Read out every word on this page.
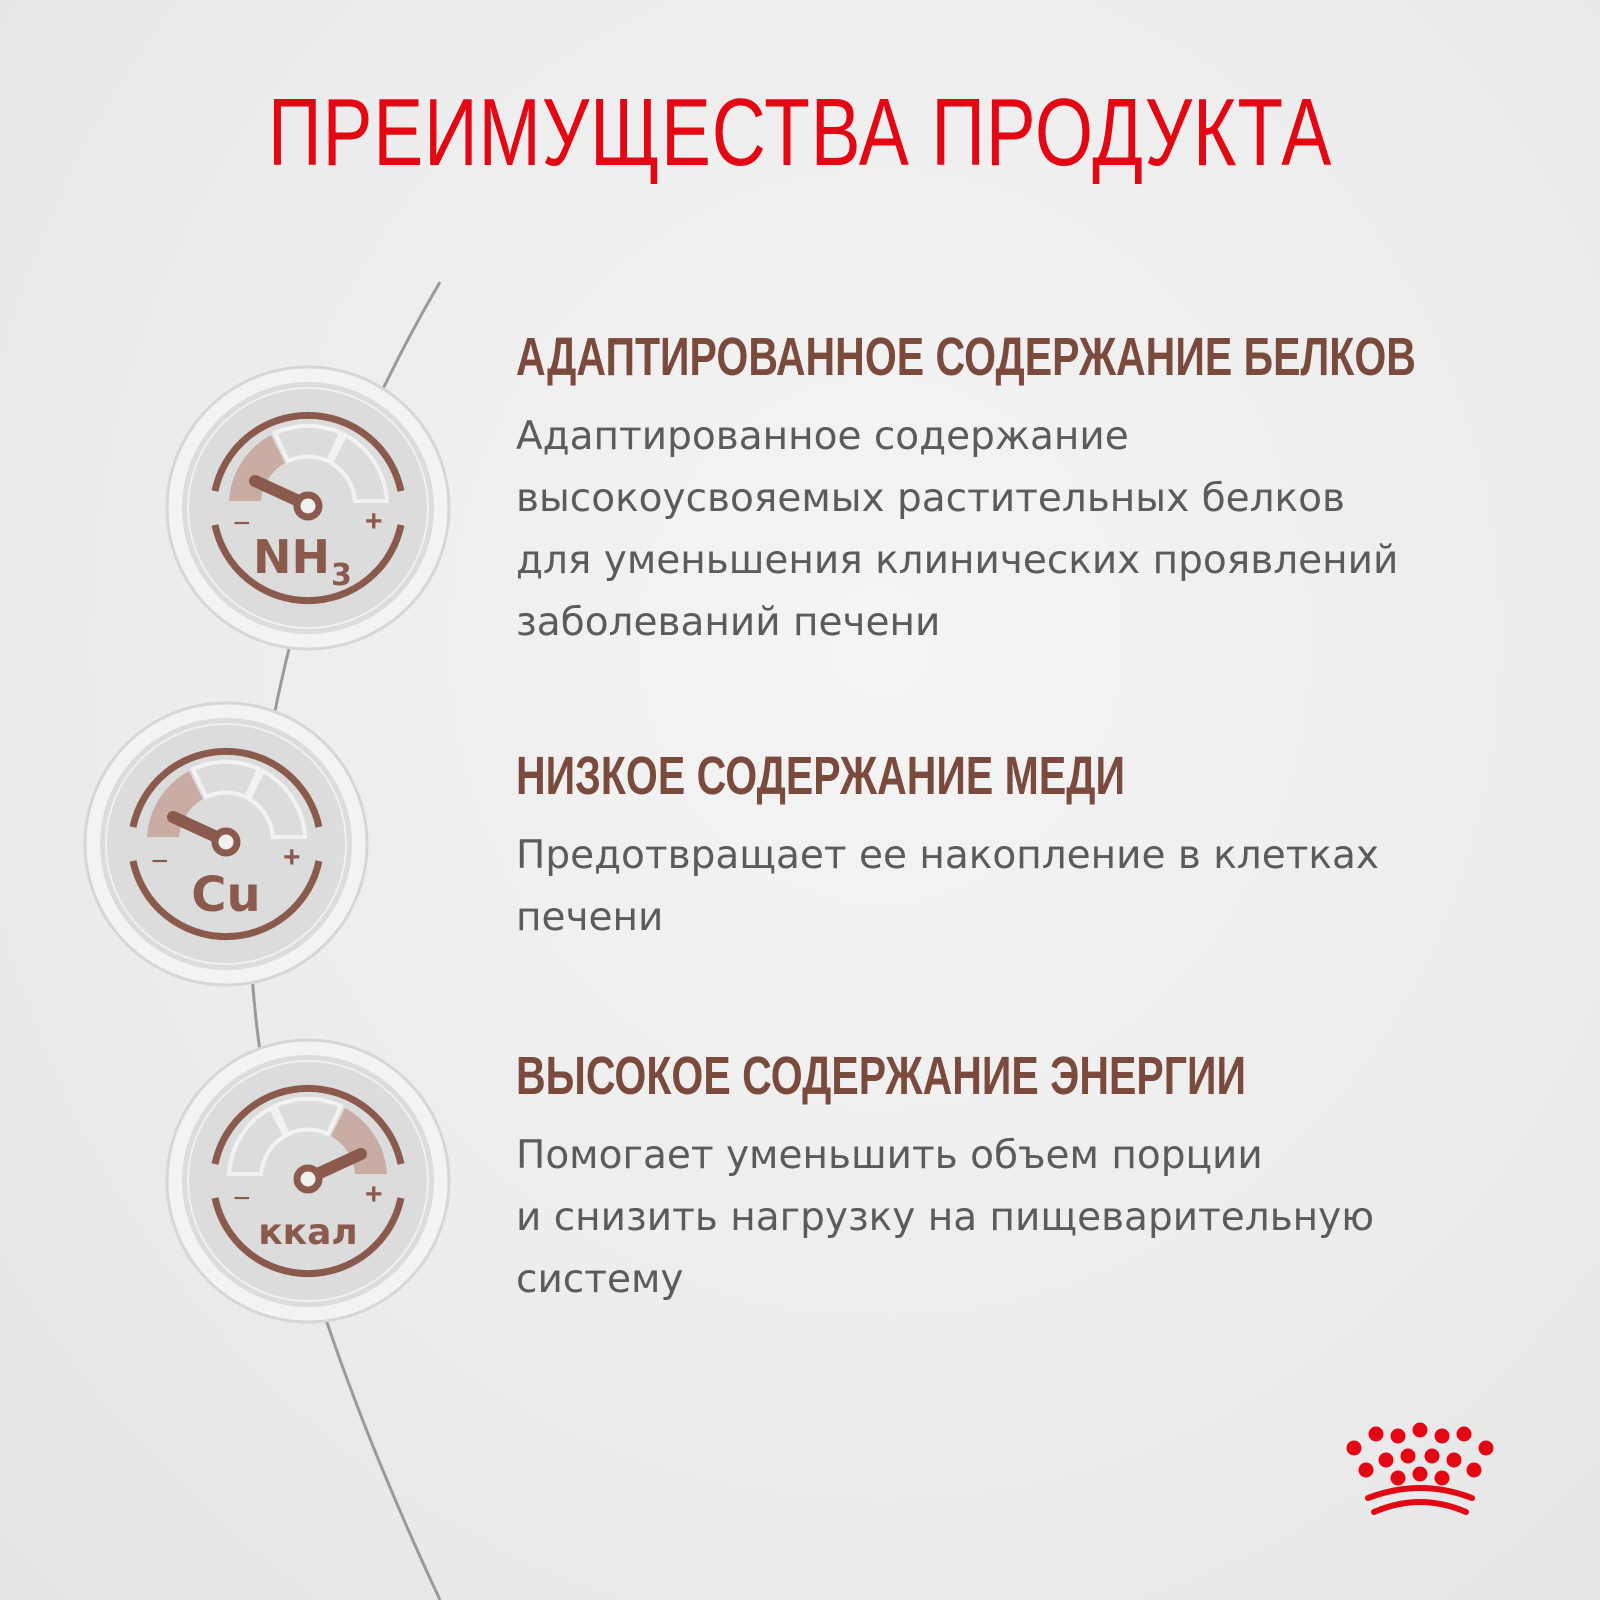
ПРЕИМУЩЕСТВА ПРОДУКТА
−	+
NH 3
−	+
Cu
−	+
ккал
АДАПТИРОВАННОЕ СОДЕРЖАНИЕ БЕЛКОВ
Адаптированное содержание
высокоусвояемых растительных белков
для уменьшения клинических проявлений
заболеваний печени
НИЗКОЕ СОДЕРЖАНИЕ МЕДИ
Предотвращает ее накопление в клетках
печени
ВЫСОКОЕ СОДЕРЖАНИЕ ЭНЕРГИИ
Помогает уменьшить объем порции
и снизить нагрузку на пищеварительную
систему
